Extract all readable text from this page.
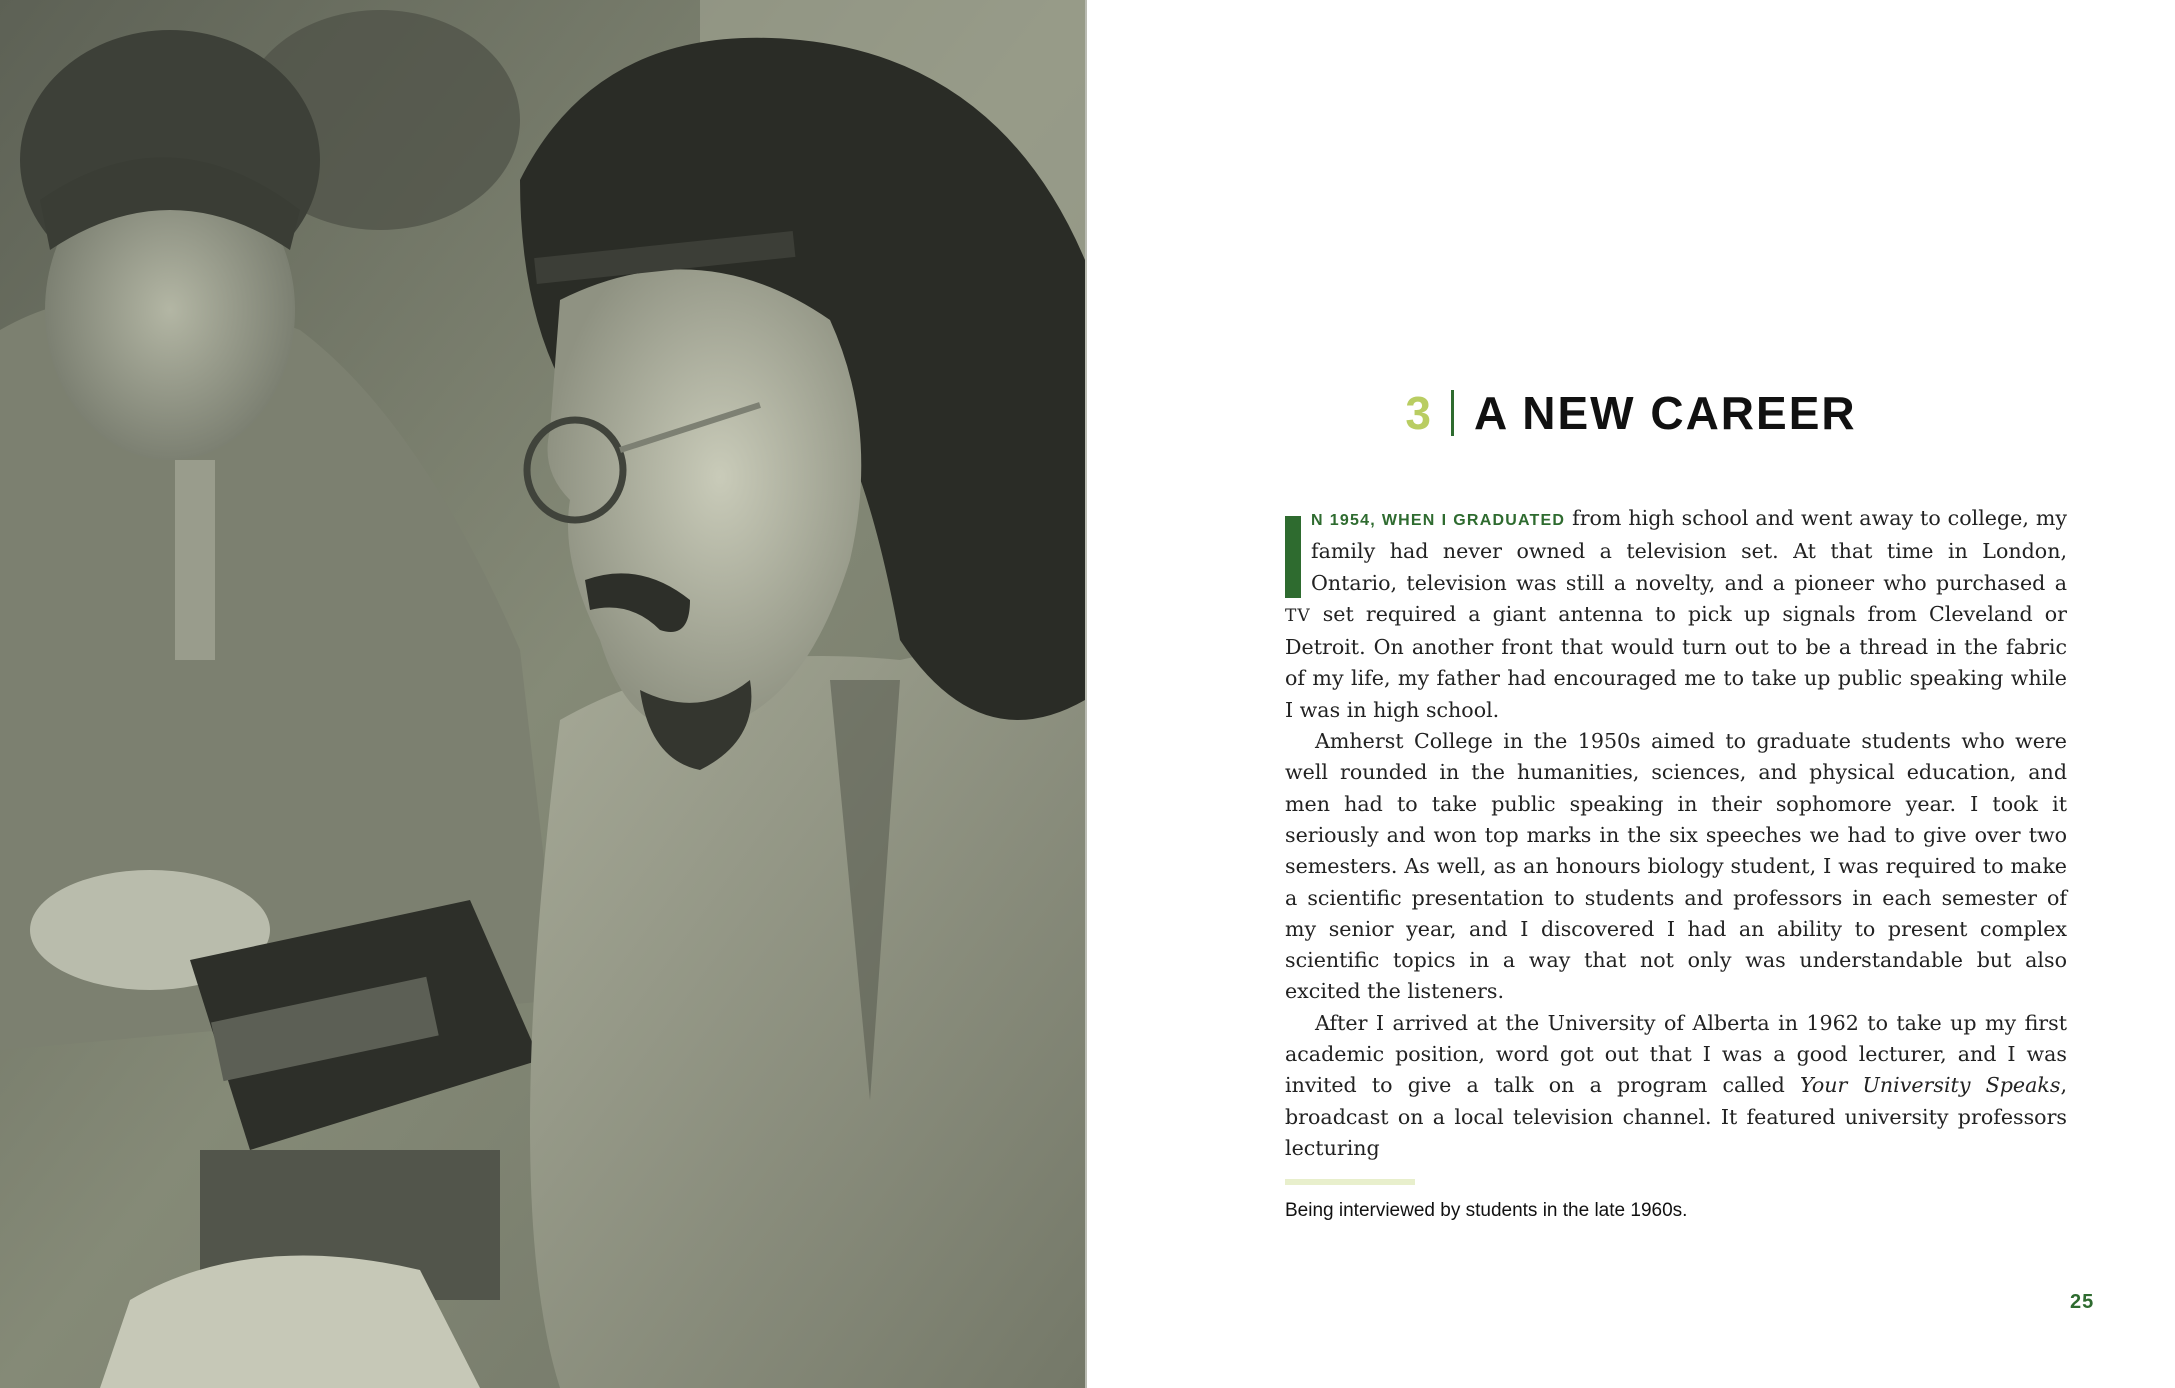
3 A NEW CAREER

N 1954, WHEN I GRADUATED from high school and went away to college, my family had never owned a television set. At that time in London, Ontario, television was still a novelty, and a pioneer who purchased a TV set required a giant antenna to pick up signals from Cleveland or Detroit. On another front that would turn out to be a thread in the fabric of my life, my father had encouraged me to take up public speaking while I was in high school.

Amherst College in the 1950s aimed to graduate students who were well rounded in the humanities, sciences, and physical education, and men had to take public speaking in their sophomore year. I took it seriously and won top marks in the six speeches we had to give over two semesters. As well, as an honours biology student, I was required to make a scientific presentation to students and professors in each semester of my senior year, and I discovered I had an ability to present complex scientific topics in a way that not only was understandable but also excited the listeners.

After I arrived at the University of Alberta in 1962 to take up my first academic position, word got out that I was a good lecturer, and I was invited to give a talk on a program called Your University Speaks, broadcast on a local television channel. It featured university professors lecturing

Being interviewed by students in the late 1960s.
25
